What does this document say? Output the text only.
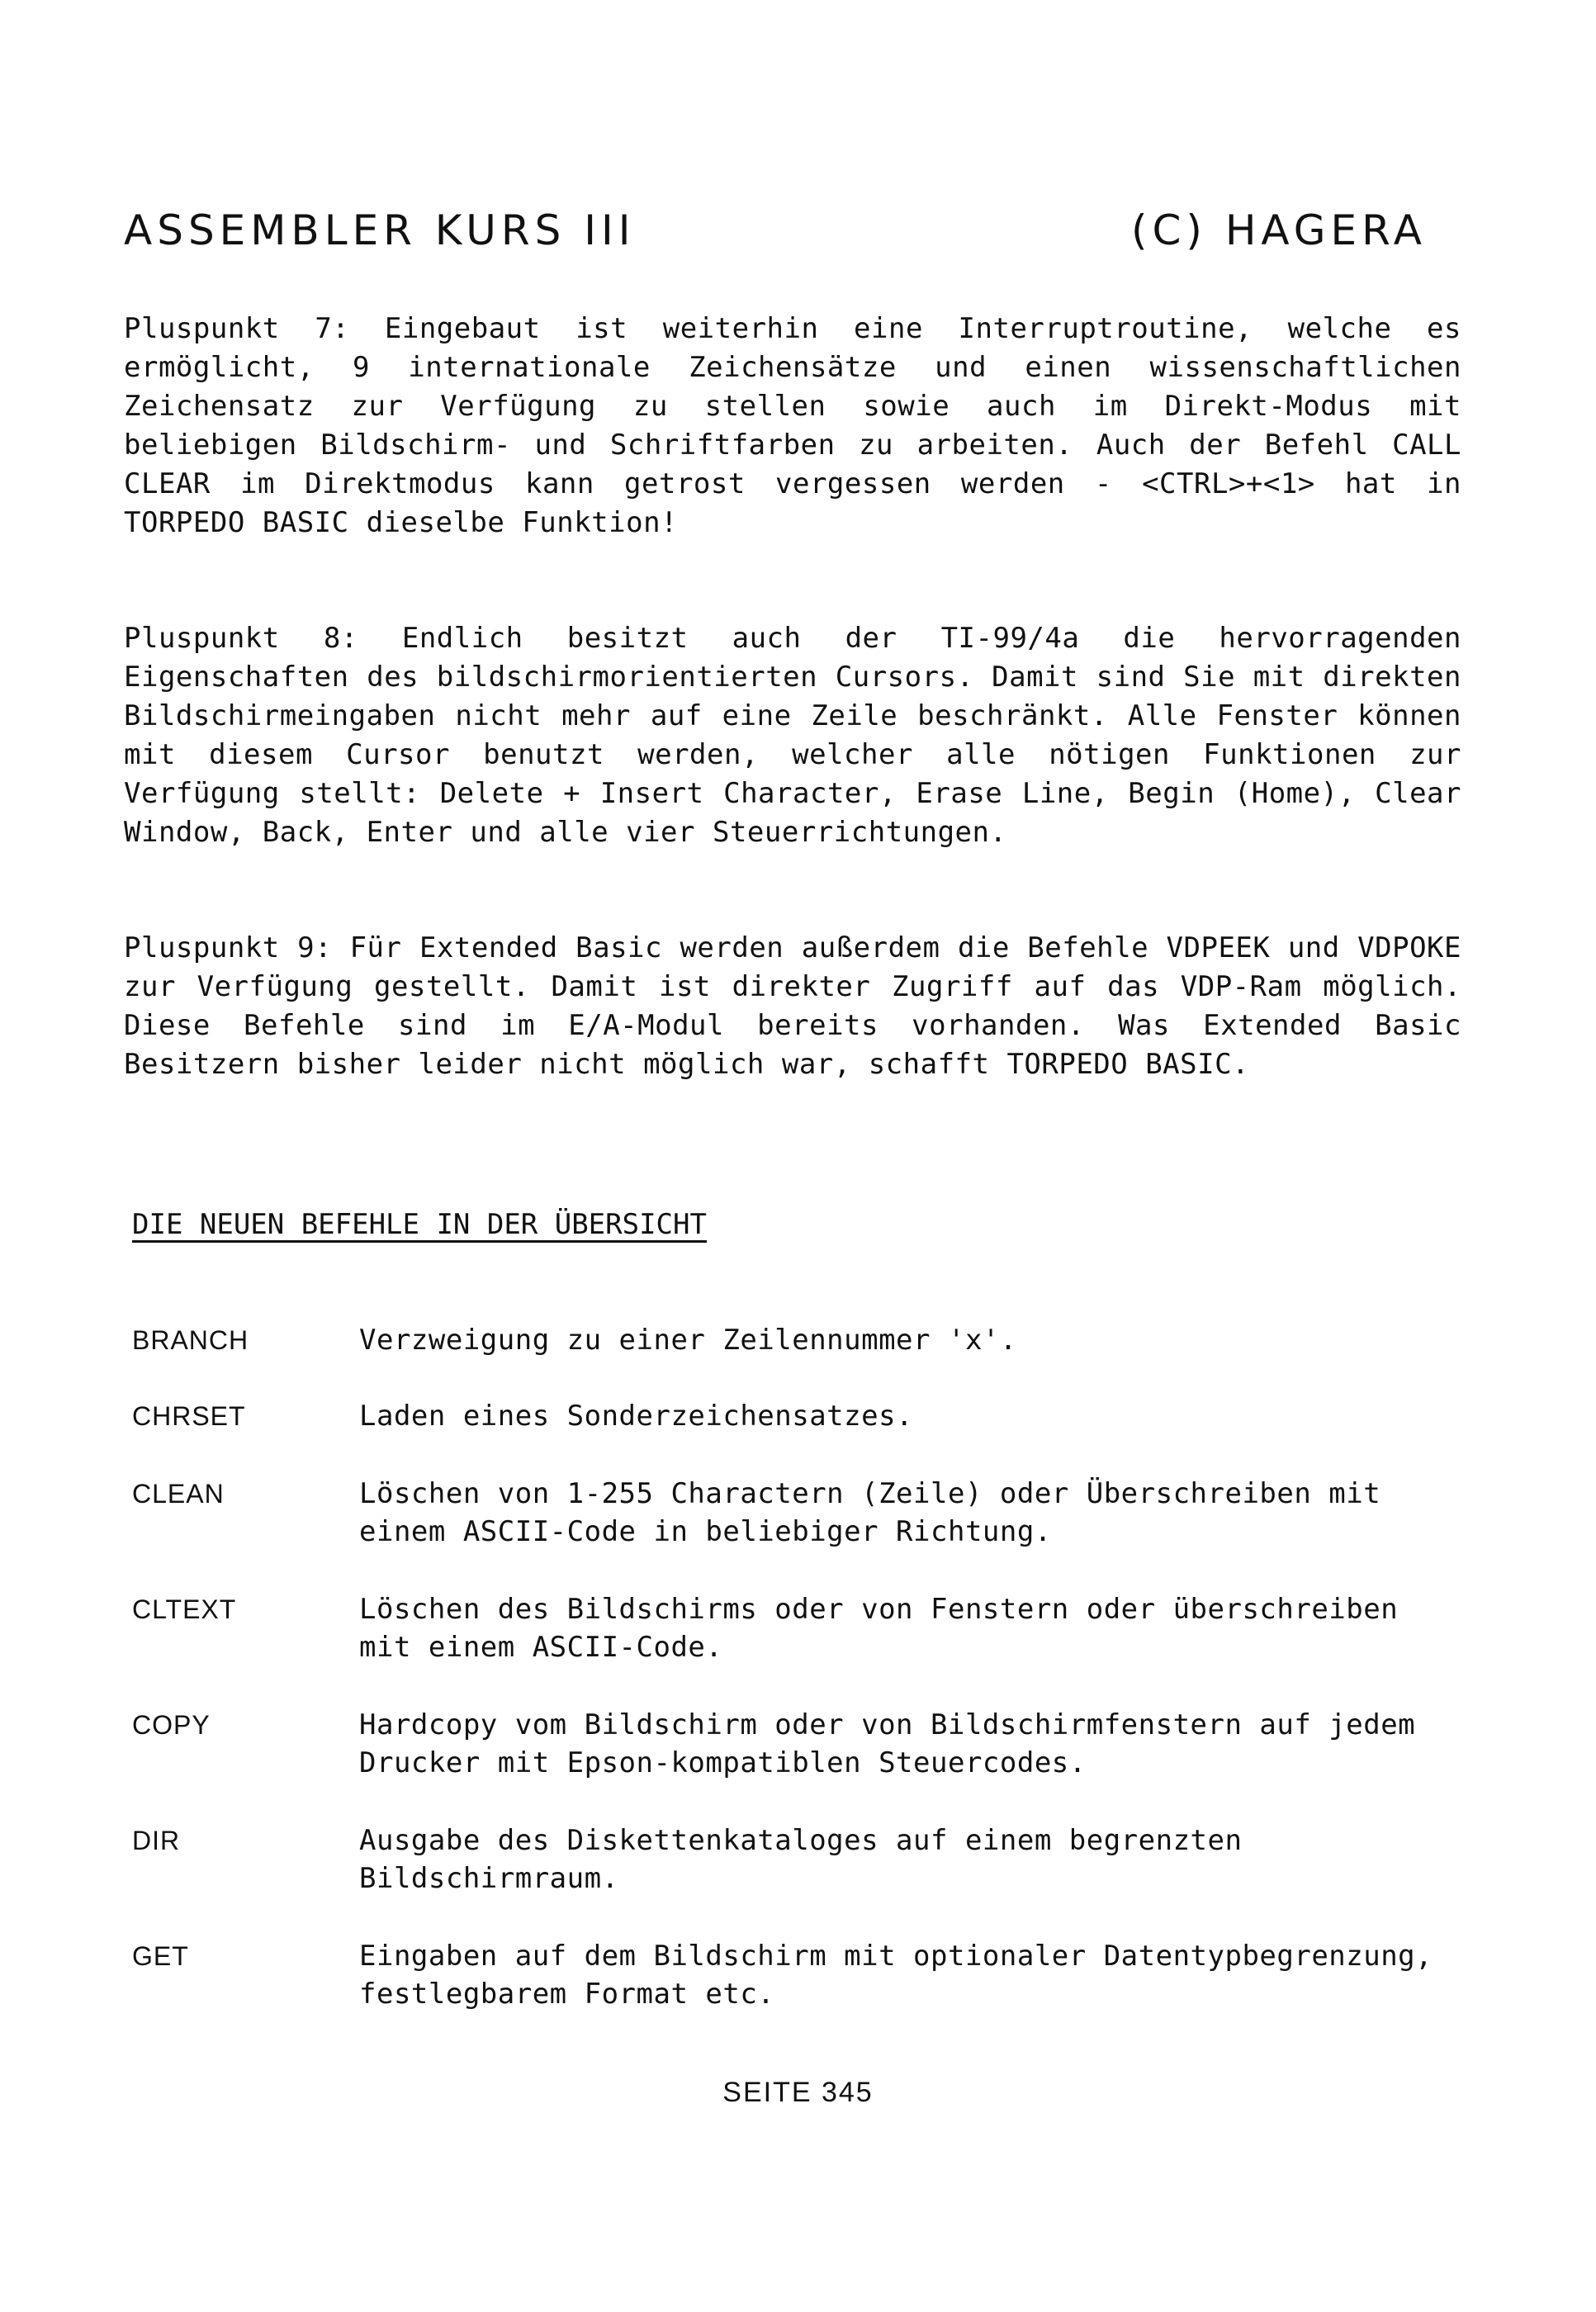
ASSEMBLER KURS III

	(C) HAGERA

Pluspunkt 7: Eingebaut ist weiterhin eine Interruptroutine, welche es ermöglicht, 9 internationale Zeichensätze und einen wissenschaftlichen Zeichensatz zur Verfügung zu stellen sowie auch im Direkt-Modus mit beliebigen Bildschirm- und Schriftfarben zu arbeiten. Auch der Befehl CALL CLEAR im Direktmodus kann getrost vergessen werden - <CTRL>+<1> hat in TORPEDO BASIC dieselbe Funktion!
Pluspunkt 8: Endlich besitzt auch der TI-99/4a die hervorragenden Eigenschaften des bildschirmorientierten Cursors. Damit sind Sie mit direkten Bildschirmeingaben nicht mehr auf eine Zeile beschränkt. Alle Fenster können mit diesem Cursor benutzt werden, welcher alle nötigen Funktionen zur Verfügung stellt: Delete + Insert Character, Erase Line, Begin (Home), Clear Window, Back, Enter und alle vier Steuerrichtungen.
Pluspunkt 9: Für Extended Basic werden außerdem die Befehle VDPEEK und VDPOKE zur Verfügung gestellt. Damit ist direkter Zugriff auf das VDP-Ram möglich. Diese Befehle sind im E/A-Modul bereits vorhanden. Was Extended Basic Besitzern bisher leider nicht möglich war, schafft TORPEDO BASIC.
DIE NEUEN BEFEHLE IN DER ÜBERSICHT
BRANCH	Verzweigung zu einer Zeilennummer 'x'.
CHRSET	Laden eines Sonderzeichensatzes.
CLEAN	Löschen von 1-255 Charactern (Zeile) oder Überschreiben mit einem ASCII-Code in beliebiger Richtung.
CLTEXT	Löschen des Bildschirms oder von Fenstern oder überschreiben mit einem ASCII-Code.
COPY	Hardcopy vom Bildschirm oder von Bildschirmfenstern auf jedem Drucker mit Epson-kompatiblen Steuercodes.
DIR	Ausgabe des Diskettenkataloges auf einem begrenzten Bildschirmraum.
GET	Eingaben auf dem Bildschirm mit optionaler Datentypbegrenzung, festlegbarem Format etc.
SEITE 345
